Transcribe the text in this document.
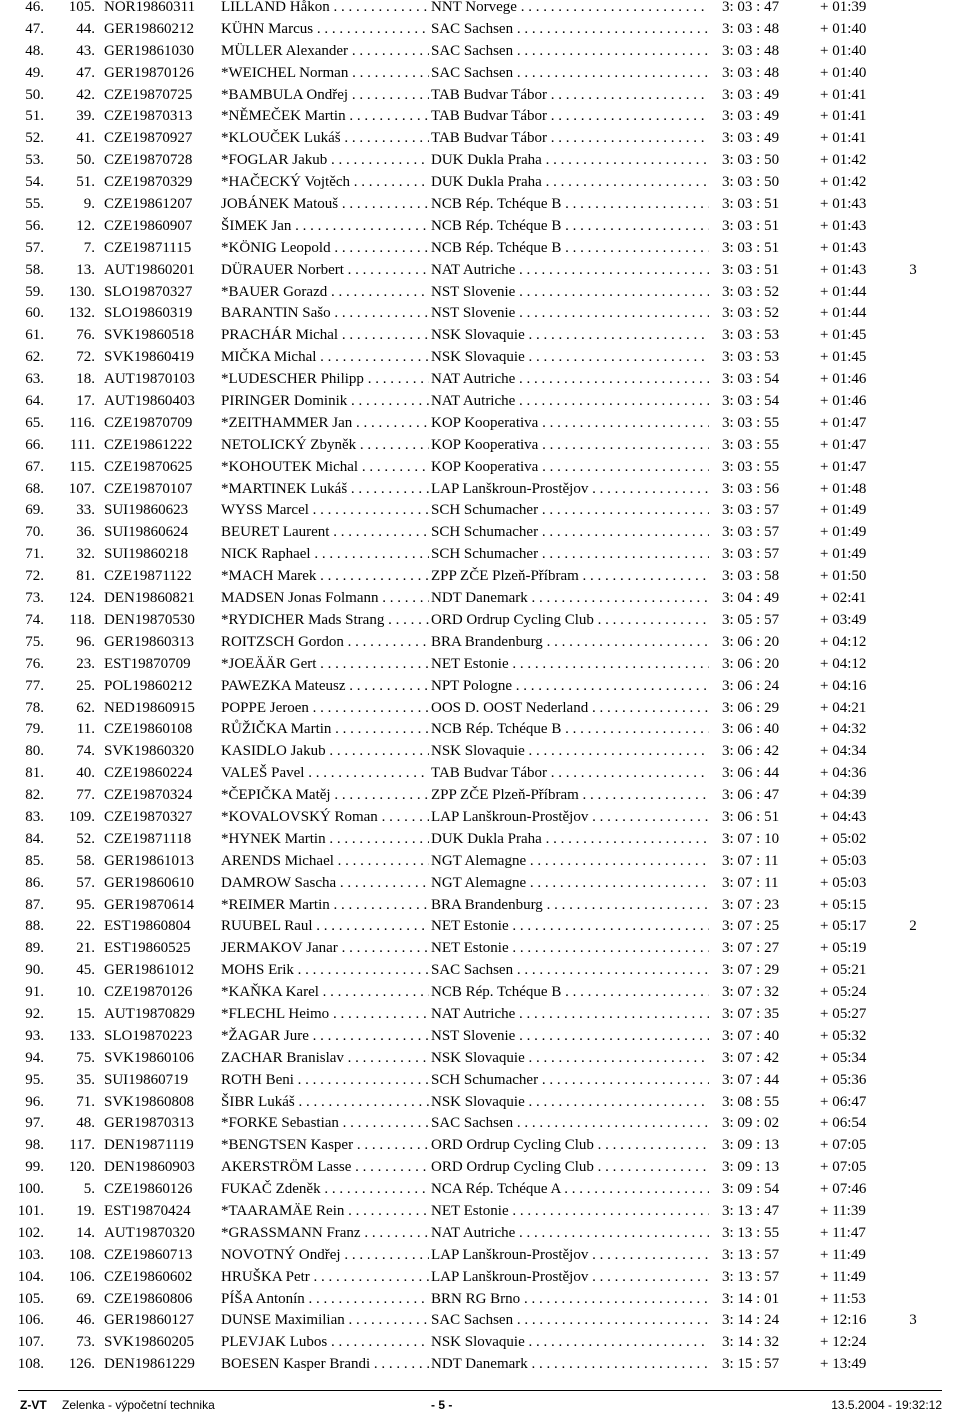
46.	105. NOR19860311	LILLAND Håkon . . .	NNT Norvege . . .	3: 03 : 47	+ 01:39
47.	44. GER19860212	KÜHN Marcus . . .	SAC Sachsen . . .	3: 03 : 48	+ 01:40
48.	43. GER19861030	MÜLLER Alexander . . .	SAC Sachsen . . .	3: 03 : 48	+ 01:40
49.	47. GER19870126	*WEICHEL Norman . . .	SAC Sachsen . . .	3: 03 : 48	+ 01:40
50.	42. CZE19870725	*BAMBULA Ondřej . . .	TAB Budvar Tábor . . .	3: 03 : 49	+ 01:41
51.	39. CZE19870313	*NĚMEČEK Martin . . .	TAB Budvar Tábor . . .	3: 03 : 49	+ 01:41
52.	41. CZE19870927	*KLOUČEK Lukáš . . .	TAB Budvar Tábor . . .	3: 03 : 49	+ 01:41
53.	50. CZE19870728	*FOGLAR Jakub . . .	DUK Dukla Praha . . .	3: 03 : 50	+ 01:42
54.	51. CZE19870329	*HAČECKÝ Vojtěch . . .	DUK Dukla Praha . . .	3: 03 : 50	+ 01:42
55.	9. CZE19861207	JOBÁNEK Matouš . . .	NCB Rép. Tchéque B . . .	3: 03 : 51	+ 01:43
56.	12. CZE19860907	ŠIMEK Jan . . .	NCB Rép. Tchéque B . . .	3: 03 : 51	+ 01:43
57.	7. CZE19871115	*KÖNIG Leopold . . .	NCB Rép. Tchéque B . . .	3: 03 : 51	+ 01:43
58.	13. AUT19860201	DÜRAUER Norbert . . .	NAT Autriche . . .	3: 03 : 51	+ 01:43	3
59.	130. SLO19870327	*BAUER Gorazd . . .	NST Slovenie . . .	3: 03 : 52	+ 01:44
60.	132. SLO19860319	BARANTIN Sašo . . .	NST Slovenie . . .	3: 03 : 52	+ 01:44
61.	76. SVK19860518	PRACHÁR Michal . . .	NSK Slovaquie . . .	3: 03 : 53	+ 01:45
62.	72. SVK19860419	MIČKA Michal . . .	NSK Slovaquie . . .	3: 03 : 53	+ 01:45
63.	18. AUT19870103	*LUDESCHER Philipp . . .	NAT Autriche . . .	3: 03 : 54	+ 01:46
64.	17. AUT19860403	PIRINGER Dominik . . .	NAT Autriche . . .	3: 03 : 54	+ 01:46
65.	116. CZE19870709	*ZEITHAMMER Jan . . .	KOP Kooperativa . . .	3: 03 : 55	+ 01:47
66.	111. CZE19861222	NETOLICKÝ Zbyněk . . .	KOP Kooperativa . . .	3: 03 : 55	+ 01:47
67.	115. CZE19870625	*KOHOUTEK Michal . . .	KOP Kooperativa . . .	3: 03 : 55	+ 01:47
68.	107. CZE19870107	*MARTINEK Lukáš . . .	LAP Lanškroun-Prostějov . . .	3: 03 : 56	+ 01:48
69.	33. SUI19860623	WYSS Marcel . . .	SCH Schumacher . . .	3: 03 : 57	+ 01:49
70.	36. SUI19860624	BEURET Laurent . . .	SCH Schumacher . . .	3: 03 : 57	+ 01:49
71.	32. SUI19860218	NICK Raphael . . .	SCH Schumacher . . .	3: 03 : 57	+ 01:49
72.	81. CZE19871122	*MACH Marek . . .	ZPP ZČE Plzeň-Příbram . . .	3: 03 : 58	+ 01:50
73.	124. DEN19860821	MADSEN Jonas Folmann . . .	NDT Danemark . . .	3: 04 : 49	+ 02:41
74.	118. DEN19870530	*RYDICHER Mads Strang . . .	ORD Ordrup Cycling Club . . .	3: 05 : 57	+ 03:49
75.	96. GER19860313	ROITZSCH Gordon . . .	BRA Brandenburg . . .	3: 06 : 20	+ 04:12
76.	23. EST19870709	*JOEÄÄR Gert . . .	NET Estonie . . .	3: 06 : 20	+ 04:12
77.	25. POL19860212	PAWEZKA Mateusz . . .	NPT Pologne . . .	3: 06 : 24	+ 04:16
78.	62. NED19860915	POPPE Jeroen . . .	OOS D. OOST Nederland . . .	3: 06 : 29	+ 04:21
79.	11. CZE19860108	RŮŽIČKA Martin . . .	NCB Rép. Tchéque B . . .	3: 06 : 40	+ 04:32
80.	74. SVK19860320	KASIDLO Jakub . . .	NSK Slovaquie . . .	3: 06 : 42	+ 04:34
81.	40. CZE19860224	VALEŠ Pavel . . .	TAB Budvar Tábor . . .	3: 06 : 44	+ 04:36
82.	77. CZE19870324	*ČEPIČKA Matěj . . .	ZPP ZČE Plzeň-Příbram . . .	3: 06 : 47	+ 04:39
83.	109. CZE19870327	*KOVALOVSKÝ Roman . . .	LAP Lanškroun-Prostějov . . .	3: 06 : 51	+ 04:43
84.	52. CZE19871118	*HYNEK Martin . . .	DUK Dukla Praha . . .	3: 07 : 10	+ 05:02
85.	58. GER19861013	ARENDS Michael . . .	NGT Alemagne . . .	3: 07 : 11	+ 05:03
86.	57. GER19860610	DAMROW Sascha . . .	NGT Alemagne . . .	3: 07 : 11	+ 05:03
87.	95. GER19870614	*REIMER Martin . . .	BRA Brandenburg . . .	3: 07 : 23	+ 05:15
88.	22. EST19860804	RUUBEL Raul . . .	NET Estonie . . .	3: 07 : 25	+ 05:17	2
89.	21. EST19860525	JERMAKOV Janar . . .	NET Estonie . . .	3: 07 : 27	+ 05:19
90.	45. GER19861012	MOHS Erik . . .	SAC Sachsen . . .	3: 07 : 29	+ 05:21
91.	10. CZE19870126	*KAŇKA Karel . . .	NCB Rép. Tchéque B . . .	3: 07 : 32	+ 05:24
92.	15. AUT19870829	*FLECHL Heimo . . .	NAT Autriche . . .	3: 07 : 35	+ 05:27
93.	133. SLO19870223	*ŽAGAR Jure . . .	NST Slovenie . . .	3: 07 : 40	+ 05:32
94.	75. SVK19860106	ZACHAR Branislav . . .	NSK Slovaquie . . .	3: 07 : 42	+ 05:34
95.	35. SUI19860719	ROTH Beni . . .	SCH Schumacher . . .	3: 07 : 44	+ 05:36
96.	71. SVK19860808	ŠIBR Lukáš . . .	NSK Slovaquie . . .	3: 08 : 55	+ 06:47
97.	48. GER19870313	*FORKE Sebastian . . .	SAC Sachsen . . .	3: 09 : 02	+ 06:54
98.	117. DEN19871119	*BENGTSEN Kasper . . .	ORD Ordrup Cycling Club . . .	3: 09 : 13	+ 07:05
99.	120. DEN19860903	AKERSTRÖM Lasse . . .	ORD Ordrup Cycling Club . . .	3: 09 : 13	+ 07:05
100.	5. CZE19860126	FUKAČ Zdeněk . . .	NCA Rép. Tchéque A . . .	3: 09 : 54	+ 07:46
101.	19. EST19870424	*TAARAMÄE Rein . . .	NET Estonie . . .	3: 13 : 47	+ 11:39
102.	14. AUT19870320	*GRASSMANN Franz . . .	NAT Autriche . . .	3: 13 : 55	+ 11:47
103.	108. CZE19860713	NOVOTNÝ Ondřej . . .	LAP Lanškroun-Prostějov . . .	3: 13 : 57	+ 11:49
104.	106. CZE19860602	HRUŠKA Petr . . .	LAP Lanškroun-Prostějov . . .	3: 13 : 57	+ 11:49
105.	69. CZE19860806	PÍŠA Antonín . . .	BRN RG Brno . . .	3: 14 : 01	+ 11:53
106.	46. GER19860127	DUNSE Maximilian . . .	SAC Sachsen . . .	3: 14 : 24	+ 12:16	3
107.	73. SVK19860205	PLEVJAK Lubos . . .	NSK Slovaquie . . .	3: 14 : 32	+ 12:24
108.	126. DEN19861229	BOESEN Kasper Brandi . . .	NDT Danemark . . .	3: 15 : 57	+ 13:49
Z-VT Zelenka - výpočetní technika	- 5 -	13.5.2004 - 19:32:12
